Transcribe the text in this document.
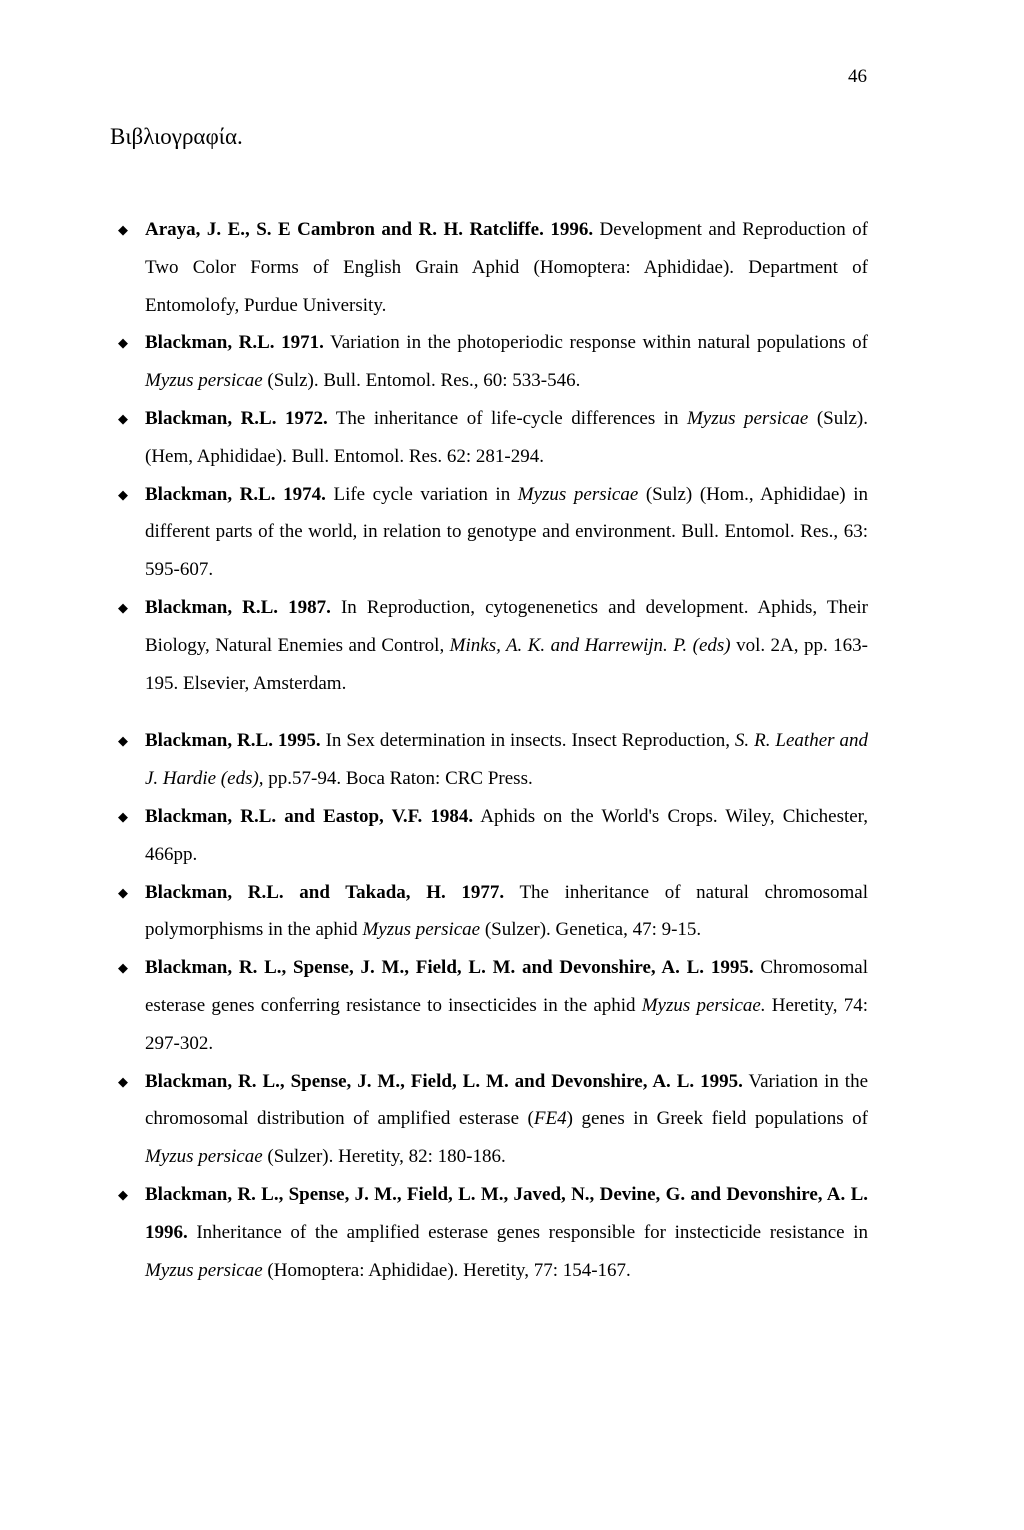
46
Βιβλιογραφία.
◆ Araya, J. E., S. E Cambron and R. H. Ratcliffe. 1996. Development and Reproduction of Two Color Forms of English Grain Aphid (Homoptera: Aphididae). Department of Entomolofy, Purdue University.
◆ Blackman, R.L. 1971. Variation in the photoperiodic response within natural populations of Myzus persicae (Sulz). Bull. Entomol. Res., 60: 533-546.
◆ Blackman, R.L. 1972. The inheritance of life-cycle differences in Myzus persicae (Sulz). (Hem, Aphididae). Bull. Entomol. Res. 62: 281-294.
◆ Blackman, R.L. 1974. Life cycle variation in Myzus persicae (Sulz) (Hom., Aphididae) in different parts of the world, in relation to genotype and environment. Bull. Entomol. Res., 63: 595-607.
◆ Blackman, R.L. 1987. In Reproduction, cytogenenetics and development. Aphids, Their Biology, Natural Enemies and Control, Minks, A. K. and Harrewijn. P. (eds) vol. 2A, pp. 163-195. Elsevier, Amsterdam.
◆ Blackman, R.L. 1995. In Sex determination in insects. Insect Reproduction, S. R. Leather and J. Hardie (eds), pp.57-94. Boca Raton: CRC Press.
◆ Blackman, R.L. and Eastop, V.F. 1984. Aphids on the World's Crops. Wiley, Chichester, 466pp.
◆ Blackman, R.L. and Takada, H. 1977. The inheritance of natural chromosomal polymorphisms in the aphid Myzus persicae (Sulzer). Genetica, 47: 9-15.
◆ Blackman, R. L., Spense, J. M., Field, L. M. and Devonshire, A. L. 1995. Chromosomal esterase genes conferring resistance to insecticides in the aphid Myzus persicae. Heretity, 74: 297-302.
◆ Blackman, R. L., Spense, J. M., Field, L. M. and Devonshire, A. L. 1995. Variation in the chromosomal distribution of amplified esterase (FE4) genes in Greek field populations of Myzus persicae (Sulzer). Heretity, 82: 180-186.
◆ Blackman, R. L., Spense, J. M., Field, L. M., Javed, N., Devine, G. and Devonshire, A. L. 1996. Inheritance of the amplified esterase genes responsible for instecticide resistance in Myzus persicae (Homoptera: Aphididae). Heretity, 77: 154-167.
